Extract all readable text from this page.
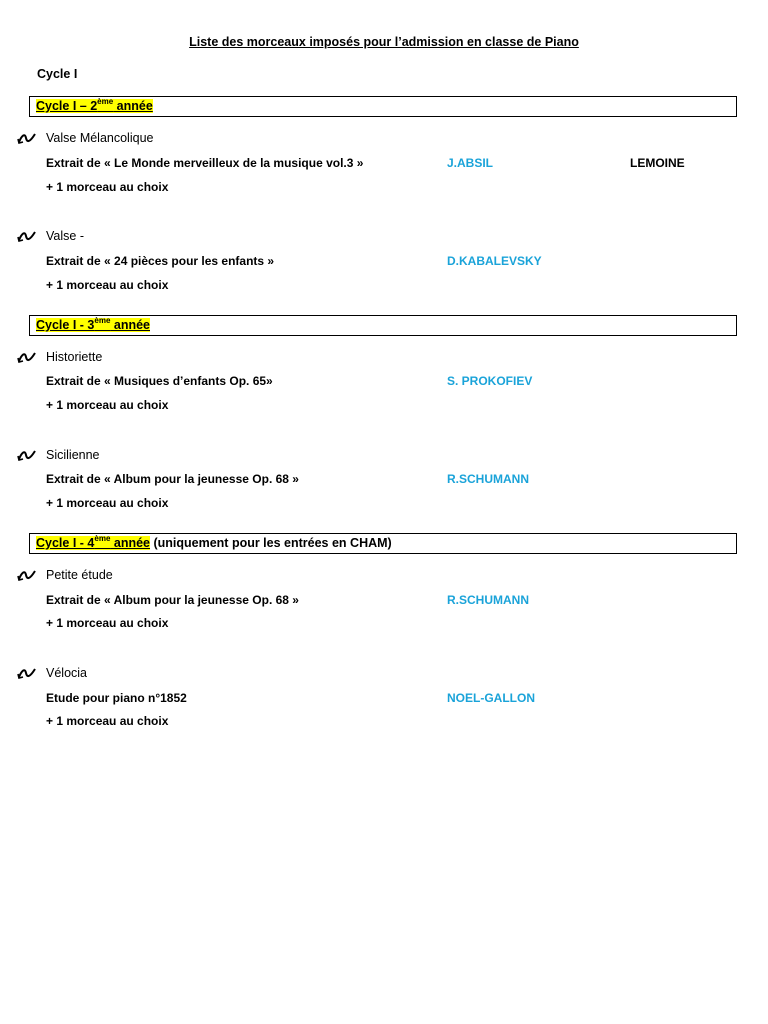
Liste des morceaux imposés pour l’admission en classe de Piano
Cycle I
Cycle I – 2ème année
Valse Mélancolique
Extrait de « Le Monde merveilleux de la musique vol.3 »	J.ABSIL	LEMOINE
+ 1 morceau au choix
Valse -
Extrait de « 24 pièces pour les enfants »	D.KABALEVSKY
+ 1 morceau au choix
Cycle I - 3ème année
Historiette
Extrait de « Musiques d’enfants Op. 65»	S. PROKOFIEV
+ 1 morceau au choix
Sicilienne
Extrait de « Album pour la jeunesse Op. 68 »	R.SCHUMANN
+ 1 morceau au choix
Cycle I - 4ème année (uniquement pour les entrées en CHAM)
Petite étude
Extrait de « Album pour la jeunesse Op. 68 »	R.SCHUMANN
+ 1 morceau au choix
Vélocia
Etude pour piano n°1852	NOEL-GALLON
+ 1 morceau au choix
